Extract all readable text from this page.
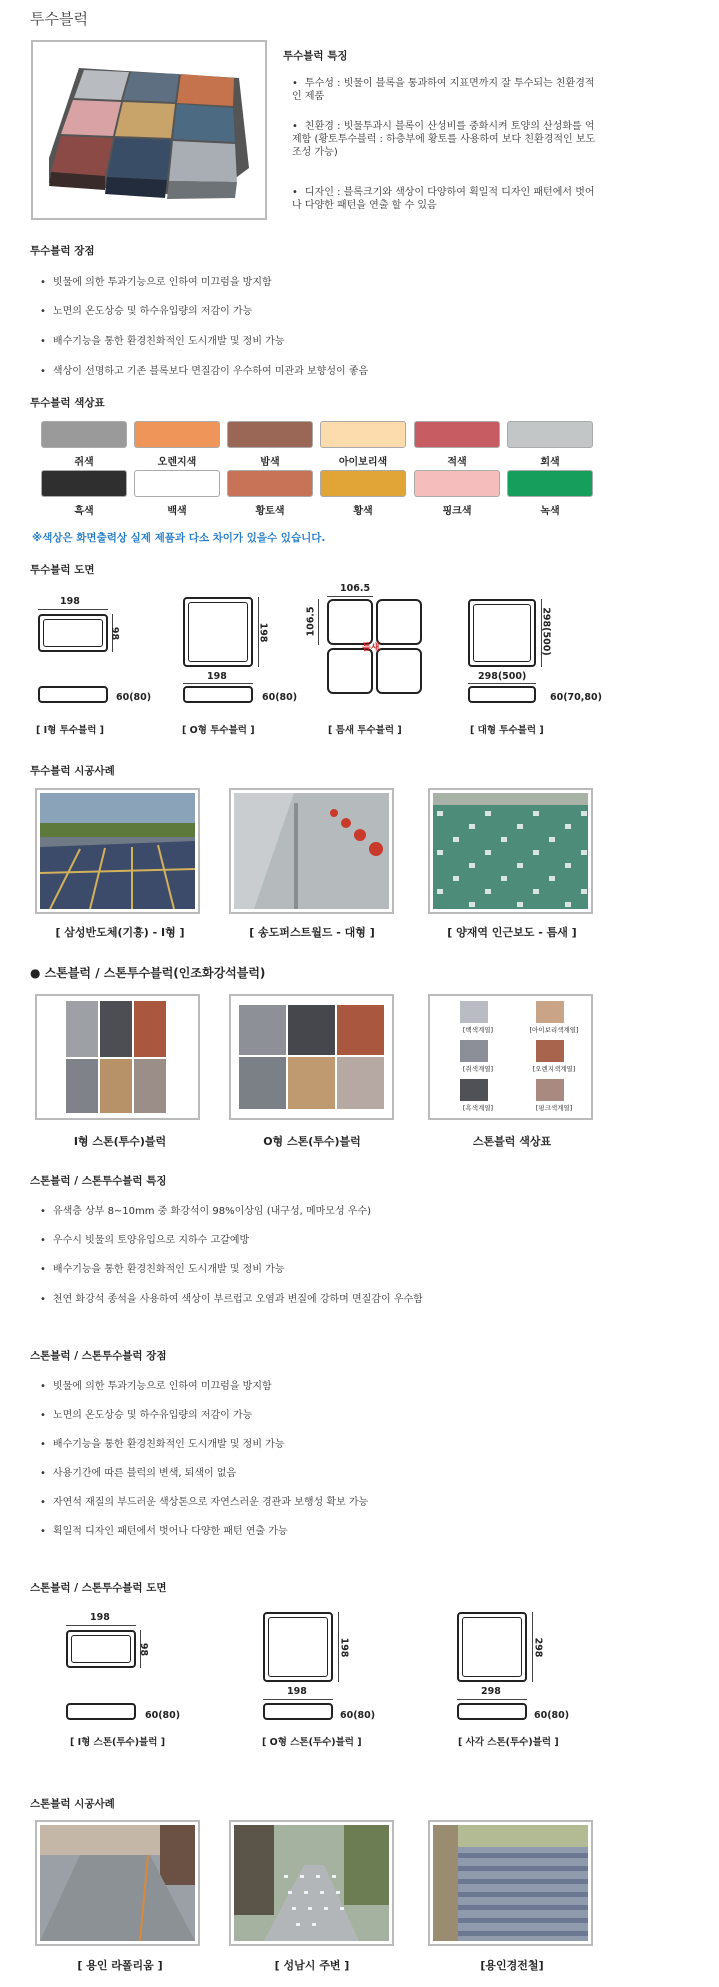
투수블럭
투수블럭 특징
• 투수성 : 빗물이 블록을 통과하여 지표면까지 잘 투수되는 친환경적인 제품
• 친환경 : 빗물투과시 블록이 산성비를 중화시켜 토양의 산성화를 억제함 (황토투수블럭 : 하층부에 황토를 사용하여 보다 친환경적인 보도조성 가능)
• 디자인 : 블록크기와 색상이 다양하여 획일적 디자인 패턴에서 벗어나 다양한 패턴을 연출 할 수 있음
투수블럭 장점
• 빗물에 의한 투과기능으로 인하여 미끄럼을 방지함
• 노면의 온도상승 및 하수유입량의 저감이 가능
• 배수기능을 통한 환경친화적인 도시개발 및 정비 가능
• 색상이 선명하고 기존 블록보다 면질감이 우수하여 미관과 보향성이 좋음
투수블럭 색상표
쥐색	오렌지색	밤색	아이보리색	적색	회색
흑색	백색	황토색	황색	핑크색	녹색
※색상은 화면출력상 실제 제품과 다소 차이가 있을수 있습니다.
투수블럭 도면
198
98
60(80)
[ I형 투수블럭 ]
198
198
60(80)
[ O형 투수블럭 ]
106.5
106.5
틈새
[ 틈새 투수블럭 ]
298(500)
298(500)
60(70,80)
[ 대형 투수블럭 ]
투수블럭 시공사례
[ 삼성반도체(기흥) - I형 ]	[ 송도퍼스트월드 - 대형 ]	[ 양재역 인근보도 - 틈새 ]
● 스톤블럭 / 스톤투수블럭(인조화강석블럭)
[백색계열]	[아이보리색계열]
[쥐색계열]	[오렌지색계열]
[흑색계열]	[핑크색계열]
I형 스톤(투수)블럭	O형 스톤(투수)블럭	스톤블럭 색상표
스톤블럭 / 스톤투수블럭 특징
• 유색층 상부 8~10mm 중 화강석이 98%이상임 (내구성, 메마모성 우수)
• 우수시 빗물의 토양유입으로 지하수 고갈예방
• 배수기능을 통한 환경친화적인 도시개발 및 정비 가능
• 천연 화강석 종석을 사용하여 색상이 부르럽고 오염과 변질에 강하며 면질감이 우수함
스톤블럭 / 스톤투수블럭 장점
• 빗물에 의한 투과기능으로 인하여 미끄럼을 방지함
• 노면의 온도상승 및 하수유입량의 저감이 가능
• 배수기능을 통한 환경친화적인 도시개발 및 정비 가능
• 사용기간에 따른 블럭의 변색, 퇴색이 없음
• 자연석 재질의 부드러운 색상톤으로 자연스러운 경관과 보행성 확보 가능
• 획일적 디자인 패턴에서 벗어나 다양한 패턴 연출 가능
스톤블럭 / 스톤투수블럭 도면
198
98
60(80)
[ I형 스톤(투수)블럭 ]
198
198
60(80)
[ O형 스톤(투수)블럭 ]
298
298
60(80)
[ 사각 스톤(투수)블럭 ]
스톤블럭 시공사례
[ 용인 라폴리움 ]	[ 성남시 주변 ]	[용인경전철]
